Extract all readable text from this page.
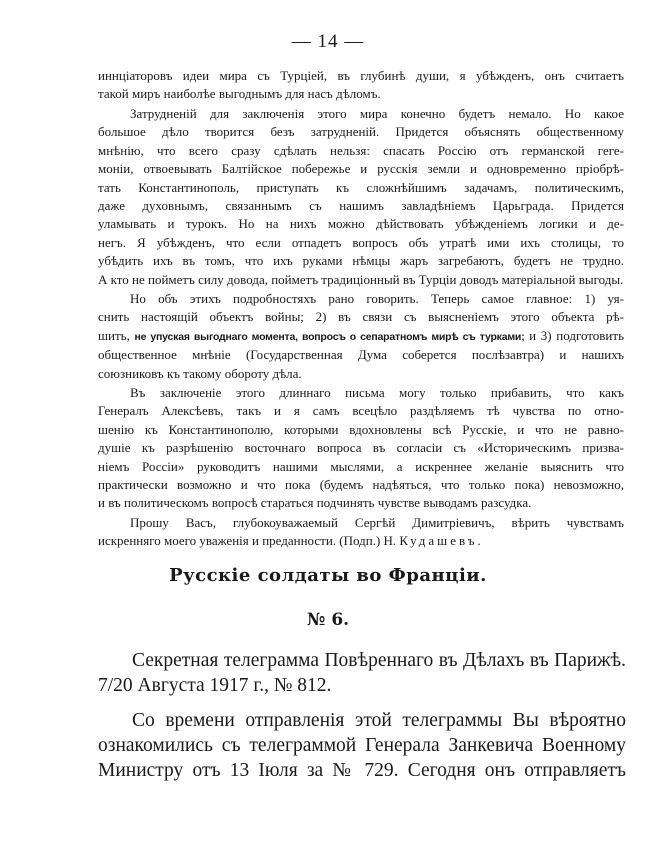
— 14 —

иннціаторовъ идеи мира съ Турціей, въ глубинѣ души, я убѣжденъ, онъ считаетъ

такой миръ наиболѣе выгоднымъ для насъ дѣломъ.

Затрудненій для заключенія этого мира конечно будетъ немало. Но какое

большое дѣло творится безъ затрудненій. Придется объяснять общественному

мнѣнію, что всего сразу сдѣлать нельзя: спасать Россію отъ германской геге-

моніи, отвоевывать Балтійское побережье и русскія земли и одновременно пріобрѣ-

тать Константинополь, приступать къ сложнѣйшимъ задачамъ, политическимъ,

даже духовнымъ, связаннымъ съ нашимъ завладѣніемъ Царьграда. Придется

уламывать и турокъ. Но на нихъ можно дѣйствовать убѣжденіемъ логики и де-

негъ. Я убѣжденъ, что если отпадетъ вопросъ объ утратѣ ими ихъ столицы, то

убѣдить ихъ въ томъ, что ихъ руками нѣмцы жаръ загребаютъ, будетъ не трудно.

А кто не пойметъ силу довода, пойметъ традиціонный въ Турціи доводъ матеріальной выгоды.

Но объ этихъ подробностяхъ рано говорить. Теперь самое главное: 1) уя-

снить настоящій объектъ войны; 2) въ связи съ выясненіемъ этого объекта рѣ-

шить, не упуская выгоднаго момента, вопросъ о сепаратномъ мирѣ съ турками; и 3) подготовить

общественное мнѣніе (Государственная Дума соберется послѣзавтра) и нашихъ

союзниковъ къ такому обороту дѣла.

Въ заключеніе этого длиннаго письма могу только прибавить, что какъ

Генералъ Алексѣевъ, такъ и я самъ всецѣло раздѣляемъ тѣ чувства по отно-

шенію къ Константинополю, которыми вдохновлены всѣ Русскіе, и что не равно-

душіе къ разрѣшенію восточнаго вопроса въ согласіи съ «Историческимъ призва-

ніемъ Россіи» руководитъ нашими мыслями, а искреннее желаніе выяснить что

практически возможно и что пока (будемъ надѣяться, что только пока) невозможно,

и въ политическомъ вопросѣ стараться подчинять чувстве выводамъ разсудка.

Прошу Васъ, глубокоуважаемый Сергѣй Димитріевичъ, вѣрить чувствамъ

искренняго моего уваженія и преданности. (Подп.) Н. Кудашевъ.

Русскіе солдаты во Франціи.
№ 6.

Секретная телеграмма Повѣреннаго въ Дѣлахъ въ Парижѣ.

7/20 Августа 1917 г., № 812.

Со времени отправленія этой телеграммы Вы вѣроятно

ознакомились съ телеграммой Генерала Занкевича Военному

Министру отъ 13 Іюля за № 729. Сегодня онъ отправляетъ
